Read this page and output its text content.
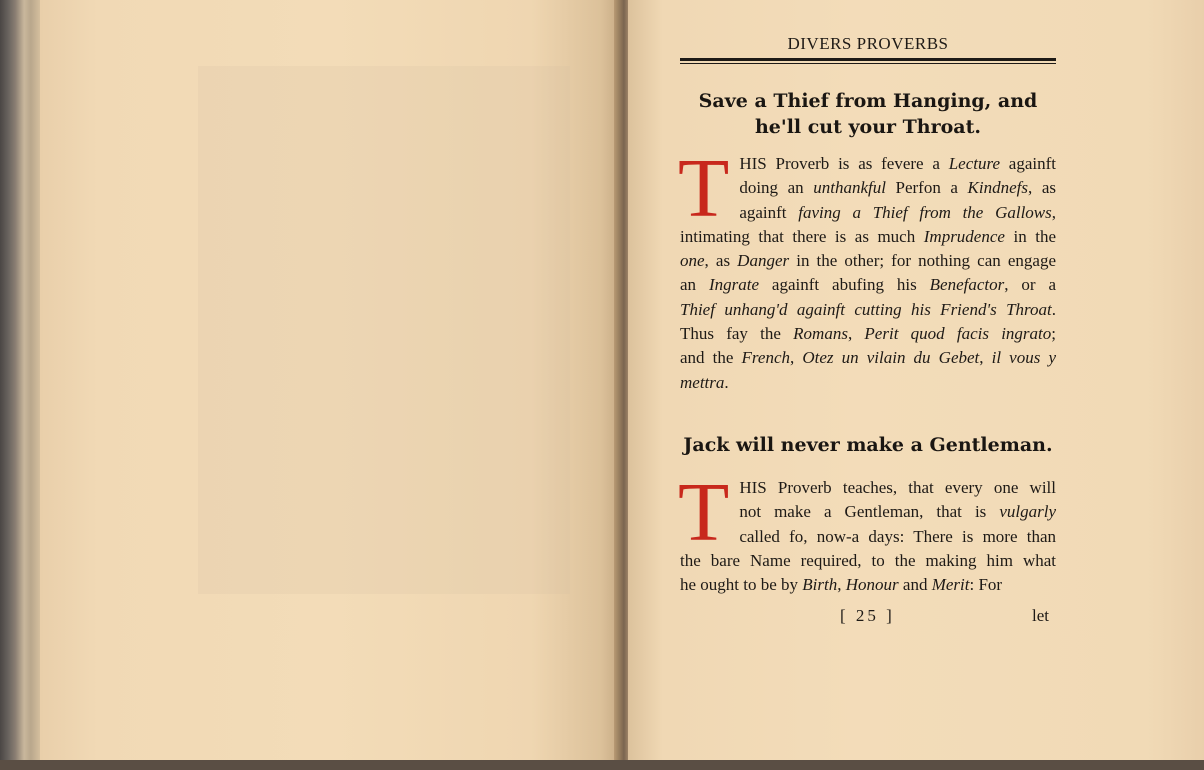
DIVERS PROVERBS
Save a Thief from Hanging, and
he'll cut your Throat.
T HIS Proverb is as fevere a Lecture againft
doing an unthankful Perfon a Kindnefs, as
againft faving a Thief from the Gallows,
intimating that there is as much Imprudence in the
one, as Danger in the other; for nothing can engage
an Ingrate againft abufing his Benefactor, or a
Thief unhang'd againft cutting his Friend's Throat.
Thus fay the Romans, Perit quod facis ingrato;
and the French, Otez un vilain du Gebet, il vous y
mettra.
Jack will never make a Gentleman.
T HIS Proverb teaches, that every one will
not make a Gentleman, that is vulgarly
called fo, now-a days: There is more than
the bare Name required, to the making him what
he ought to be by Birth, Honour and Merit: For
[ 25 ]	let
